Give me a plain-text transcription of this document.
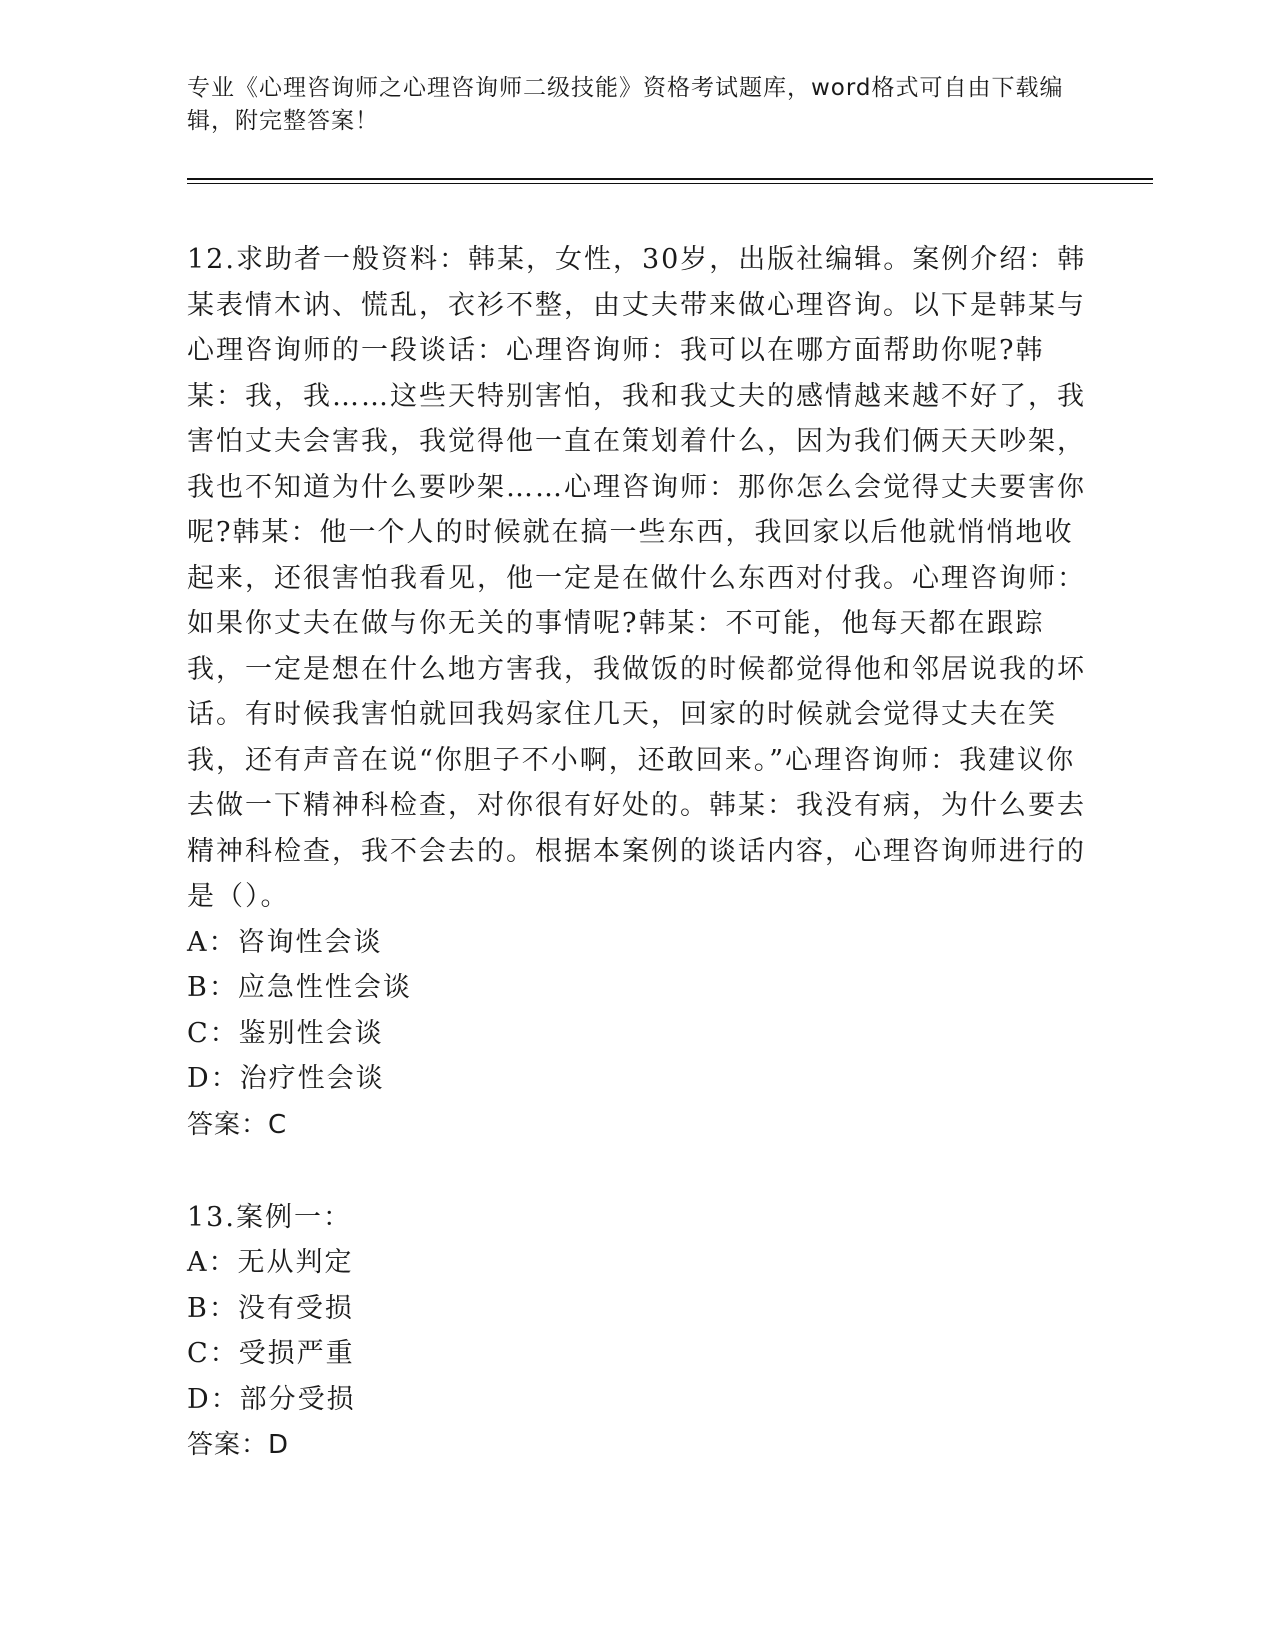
专业《心理咨询师之心理咨询师二级技能》资格考试题库，word格式可自由下载编辑，附完整答案！
12.求助者一般资料：韩某，女性，30岁，出版社编辑。案例介绍：韩某表情木讷、慌乱，衣衫不整，由丈夫带来做心理咨询。以下是韩某与心理咨询师的一段谈话：心理咨询师：我可以在哪方面帮助你呢?韩某：我，我……这些天特别害怕，我和我丈夫的感情越来越不好了，我害怕丈夫会害我，我觉得他一直在策划着什么，因为我们俩天天吵架，我也不知道为什么要吵架……心理咨询师：那你怎么会觉得丈夫要害你呢?韩某：他一个人的时候就在搞一些东西，我回家以后他就悄悄地收起来，还很害怕我看见，他一定是在做什么东西对付我。心理咨询师：如果你丈夫在做与你无关的事情呢?韩某：不可能，他每天都在跟踪我，一定是想在什么地方害我，我做饭的时候都觉得他和邻居说我的坏话。有时候我害怕就回我妈家住几天，回家的时候就会觉得丈夫在笑我，还有声音在说“你胆子不小啊，还敢回来。”心理咨询师：我建议你去做一下精神科检查，对你很有好处的。韩某：我没有病，为什么要去精神科检查，我不会去的。根据本案例的谈话内容，心理咨询师进行的是（）。
A：咨询性会谈
B：应急性性会谈
C：鉴别性会谈
D：治疗性会谈
答案：C
13.案例一：
A：无从判定
B：没有受损
C：受损严重
D：部分受损
答案：D
